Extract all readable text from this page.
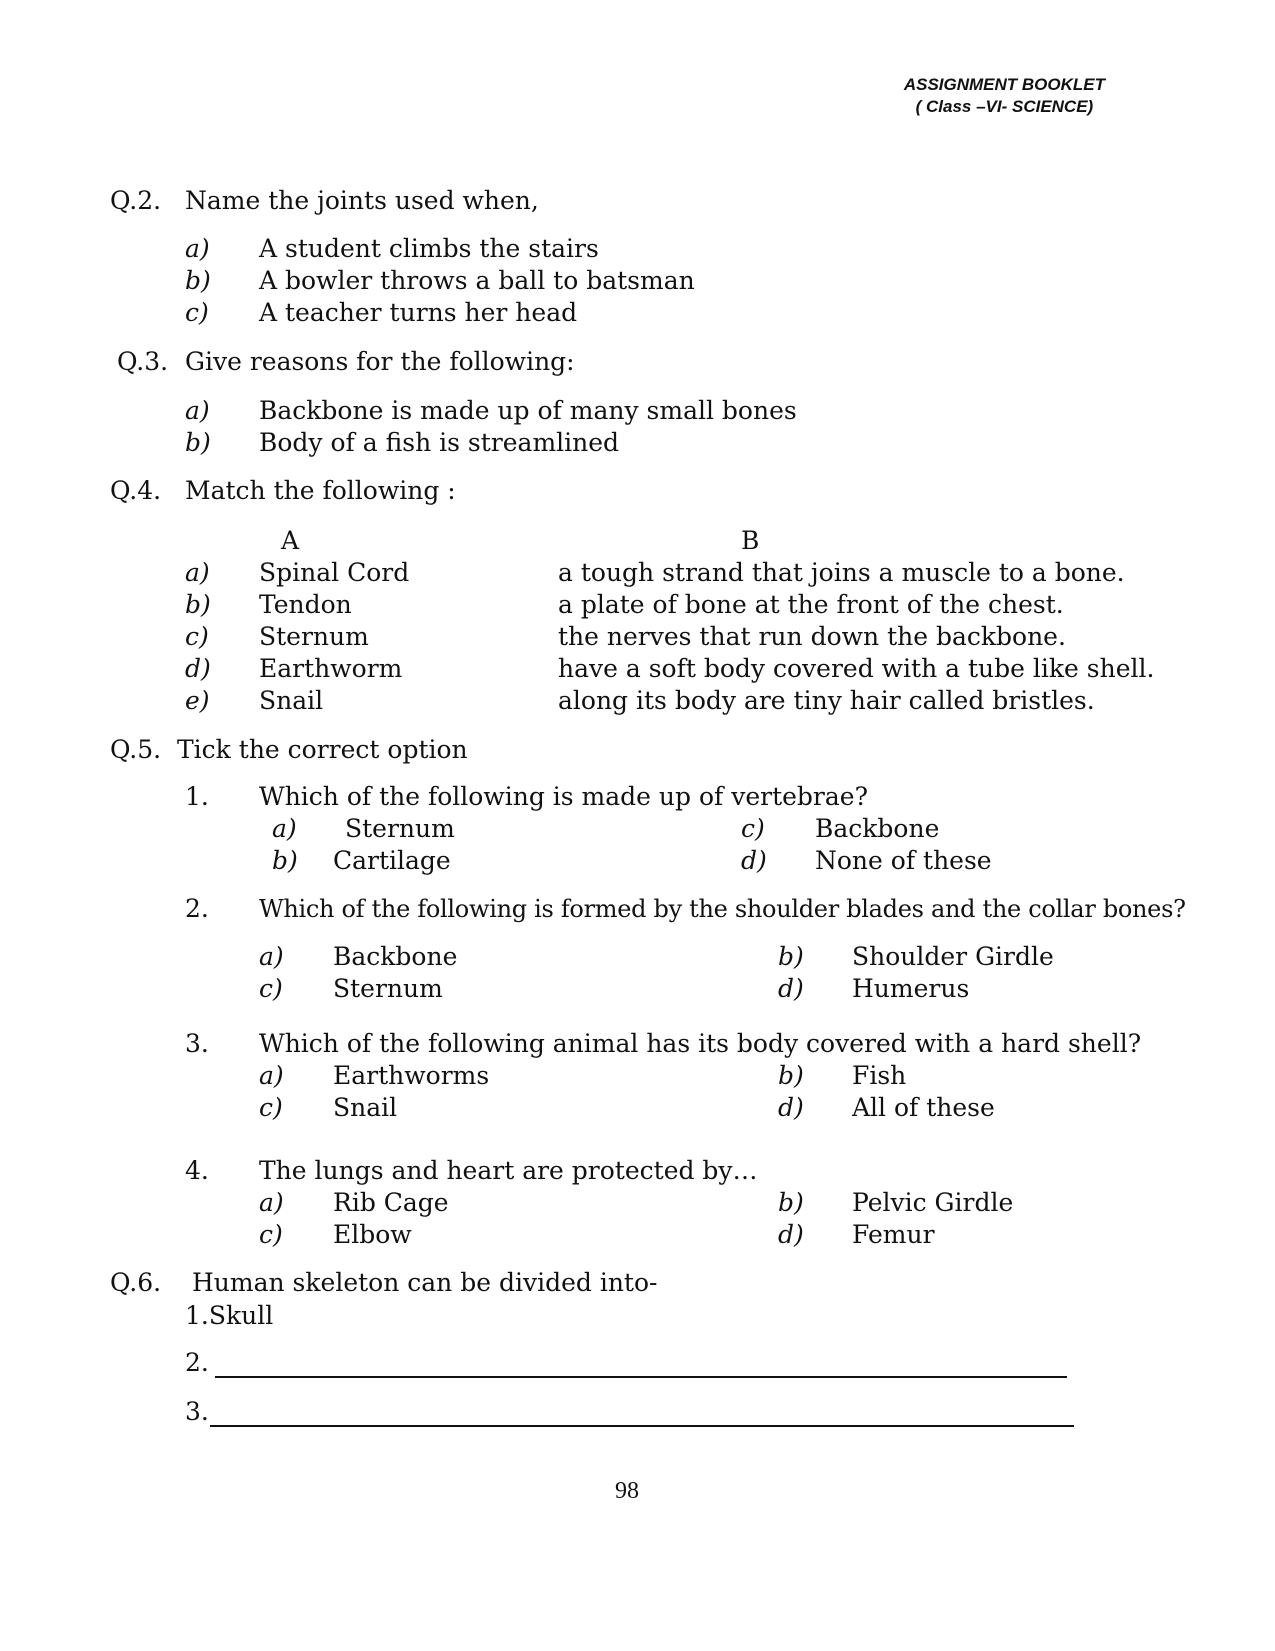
ASSIGNMENT BOOKLET
( Class –VI- SCIENCE)
Q.2. Name the joints used when,
a) A student climbs the stairs
b) A bowler throws a ball to batsman
c) A teacher turns her head
Q.3. Give reasons for the following:
a) Backbone is made up of many small bones
b) Body of a fish is streamlined
Q.4. Match the following :
A	B
a) Spinal Cord	a tough strand that joins a muscle to a bone.
b) Tendon	a plate of bone at the front of the chest.
c) Sternum	the nerves that run down the backbone.
d) Earthworm	have a soft body covered with a tube like shell.
e) Snail	along its body are tiny hair called bristles.
Q.5. Tick the correct option
1. Which of the following is made up of vertebrae?
a) Sternum	c) Backbone
b) Cartilage	d) None of these
2. Which of the following is formed by the shoulder blades and the collar bones?
a) Backbone	b) Shoulder Girdle
c) Sternum	d) Humerus
3. Which of the following animal has its body covered with a hard shell?
a) Earthworms	b) Fish
c) Snail	d) All of these
4. The lungs and heart are protected by…
a) Rib Cage	b) Pelvic Girdle
c) Elbow	d) Femur
Q.6. Human skeleton can be divided into-
1.Skull
2.
3.
98
